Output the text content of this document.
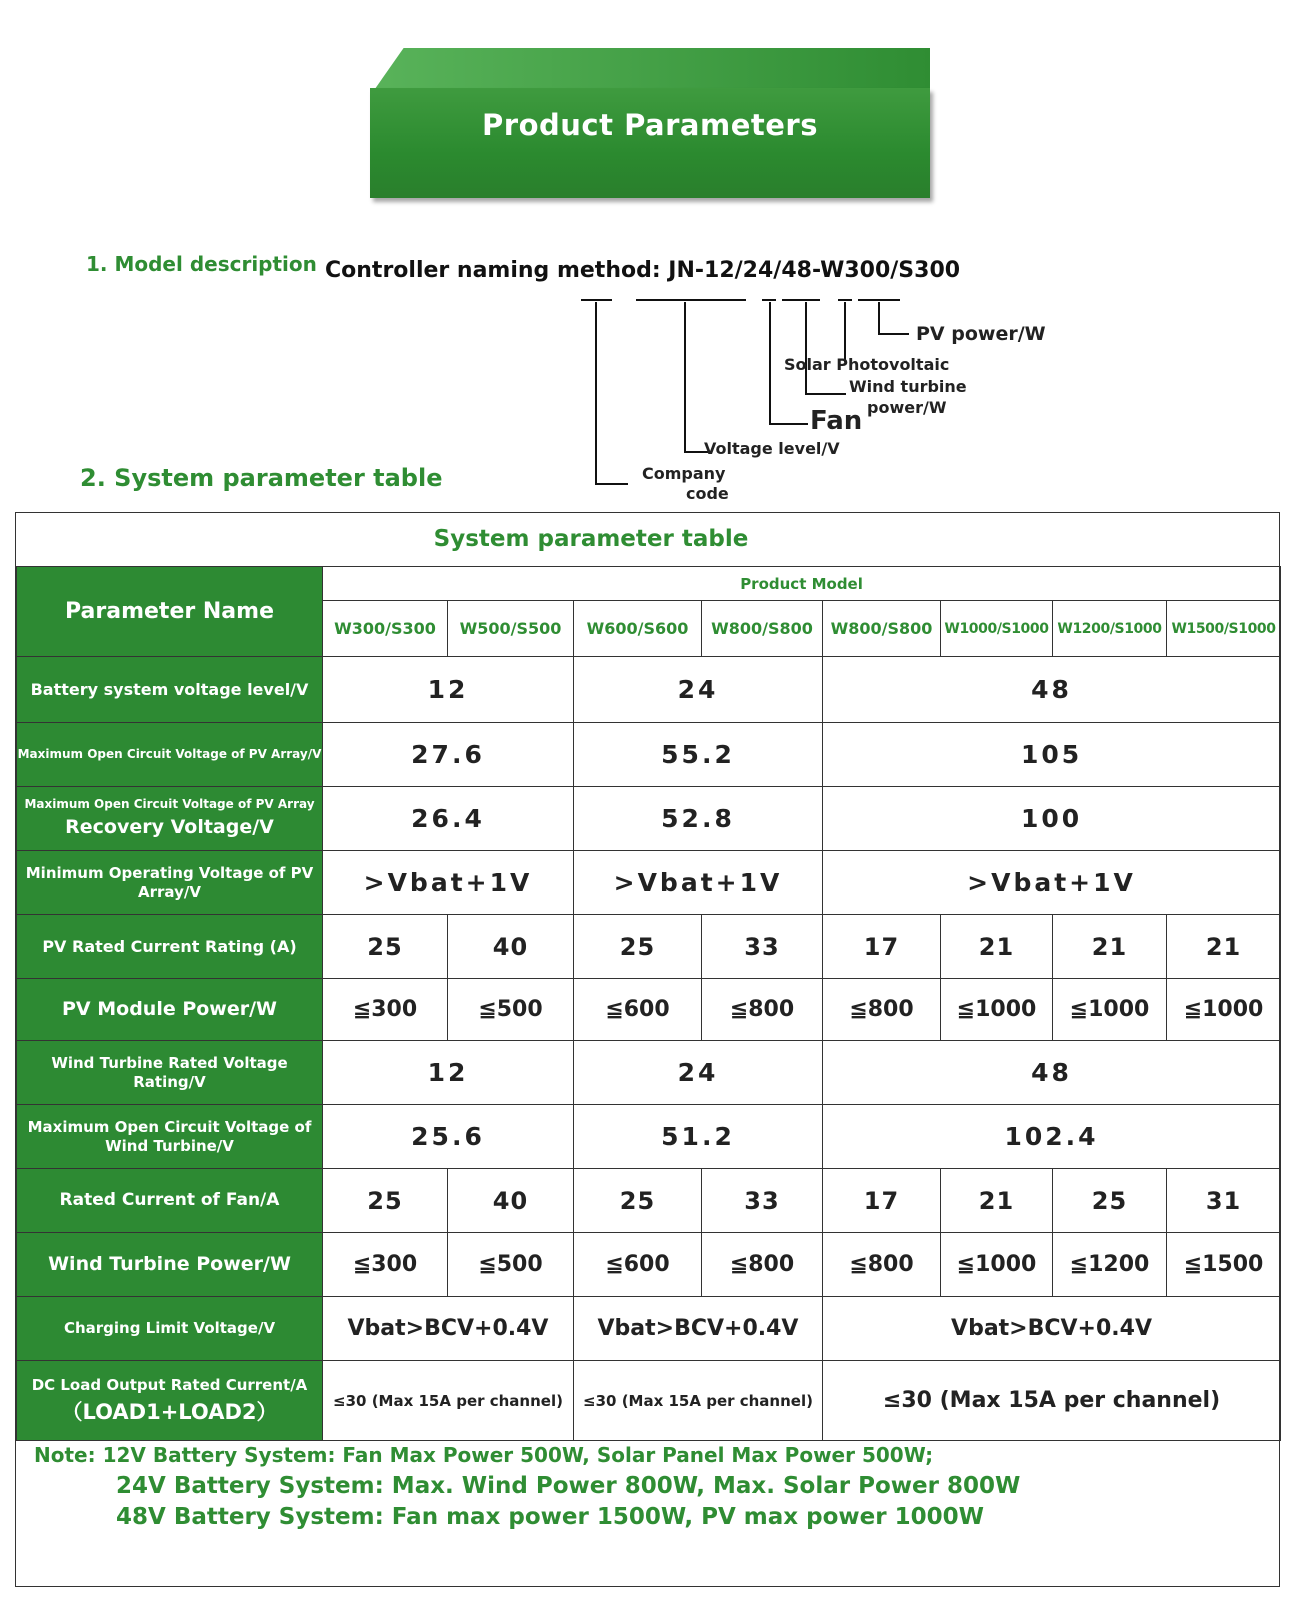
Product Parameters
1. Model description Controller naming method: JN-12/24/48-W300/S300
2. System parameter table
PV power/W
Solar Photovoltaic
Wind turbine
Fan power/W
Voltage level/V
Company
code
System parameter table
Parameter Name	Product Model							
	W300/S300	W500/S500	W600/S600	W800/S800	W800/S800	W1000/S1000	W1200/S1000	W1500/S1000
Battery system voltage level/V	12		24		48			
Maximum Open Circuit Voltage of PV Array/V	27.6		55.2		105			

Maximum Open Circuit Voltage of PV Array
Recovery Voltage/V	26.4		52.8		100			
Minimum Operating Voltage of PV Array/V	>Vbat+1V		>Vbat+1V		>Vbat+1V			
PV Rated Current Rating (A)	25	40	25	33	17	21	21	21
PV Module Power/W	≦300	≦500	≦600	≦800	≦800	≦1000	≦1000	≦1000
Wind Turbine Rated Voltage Rating/V	12		24		48			
Maximum Open Circuit Voltage of Wind Turbine/V	25.6		51.2		102.4			
Rated Current of Fan/A	25	40	25	33	17	21	25	31
Wind Turbine Power/W	≦300	≦500	≦600	≦800	≦800	≦1000	≦1200	≦1500
Charging Limit Voltage/V	Vbat>BCV+0.4V		Vbat>BCV+0.4V		Vbat>BCV+0.4V			

DC Load Output Rated Current/A
（LOAD1+LOAD2）	≤30 (Max 15A per channel)		≤30 (Max 15A per channel)		≤30 (Max 15A per channel)			
Note: 12V Battery System: Fan Max Power 500W, Solar Panel Max Power 500W;
24V Battery System: Max. Wind Power 800W, Max. Solar Power 800W
48V Battery System: Fan max power 1500W, PV max power 1000W
